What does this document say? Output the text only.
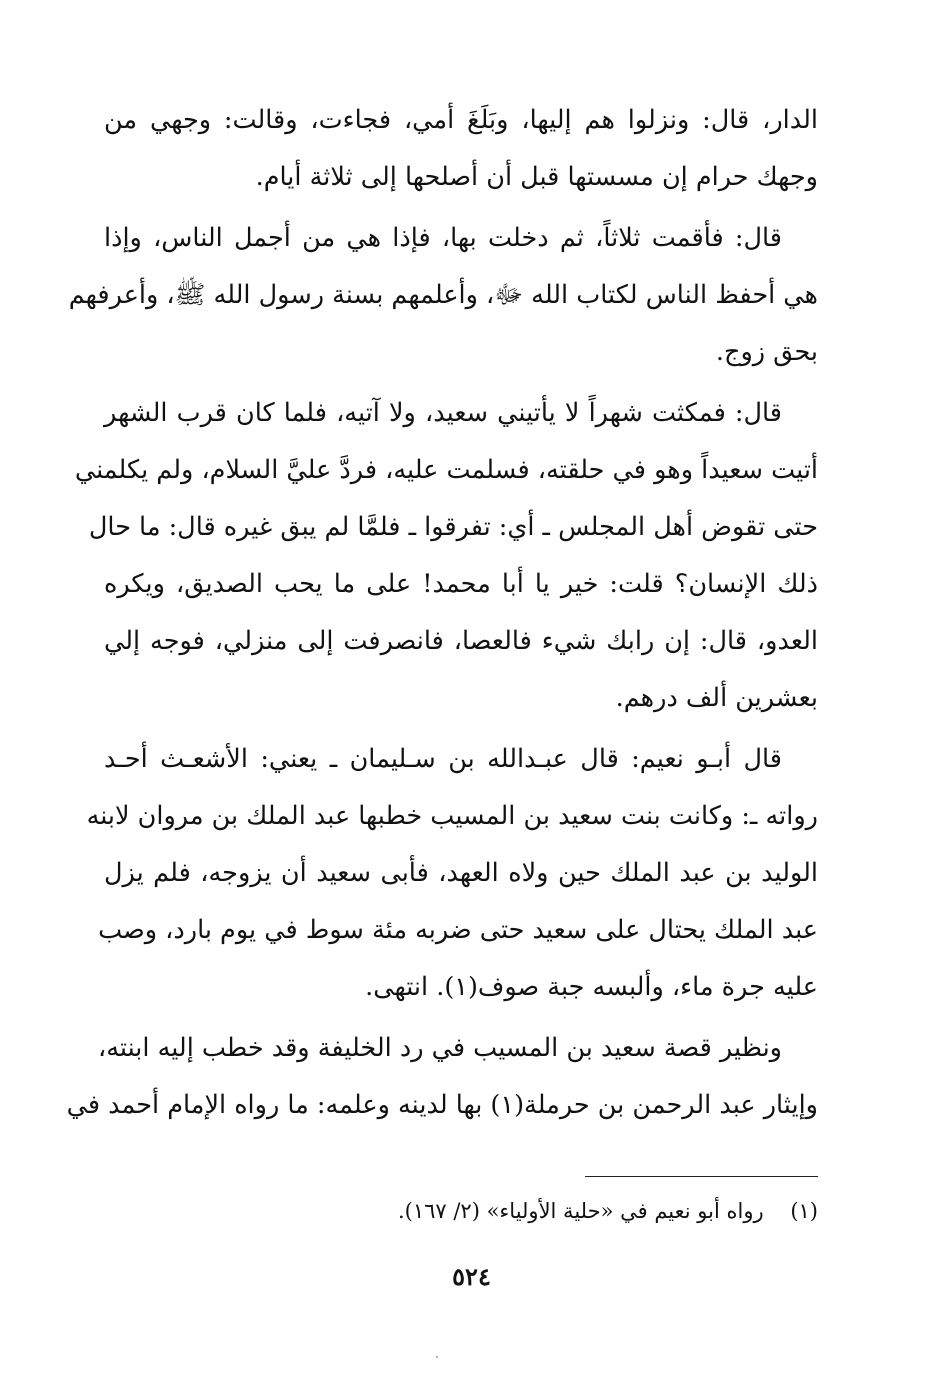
الدار، قال: ونزلوا هم إليها، وبَلَغَ أمي، فجاءت، وقالت: وجهي من
وجهك حرام إن مسستها قبل أن أصلحها إلى ثلاثة أيام.

قال: فأقمت ثلاثاً، ثم دخلت بها، فإذا هي من أجمل الناس، وإذا
هي أحفظ الناس لكتاب الله ﷻ، وأعلمهم بسنة رسول الله ﷺ، وأعرفهم
بحق زوج.

قال: فمكثت شهراً لا يأتيني سعيد، ولا آتيه، فلما كان قرب الشهر
أتيت سعيداً وهو في حلقته، فسلمت عليه، فردَّ عليَّ السلام، ولم يكلمني
حتى تقوض أهل المجلس ـ أي: تفرقوا ـ فلمَّا لم يبق غيره قال: ما حال
ذلك الإنسان؟ قلت: خير يا أبا محمد! على ما يحب الصديق، ويكره
العدو، قال: إن رابك شيء فالعصا، فانصرفت إلى منزلي، فوجه إلي
بعشرين ألف درهم.

قال أبـو نعيم: قال عبـدالله بن سـليمان ـ يعني: الأشعـث أحـد
رواته ـ: وكانت بنت سعيد بن المسيب خطبها عبد الملك بن مروان لابنه
الوليد بن عبد الملك حين ولاه العهد، فأبى سعيد أن يزوجه، فلم يزل
عبد الملك يحتال على سعيد حتى ضربه مئة سوط في يوم بارد، وصب
عليه جرة ماء، وألبسه جبة صوف(١). انتهى.

ونظير قصة سعيد بن المسيب في رد الخليفة وقد خطب إليه ابنته،
وإيثار عبد الرحمن بن حرملة(١) بها لدينه وعلمه: ما رواه الإمام أحمد في

(١) رواه أبو نعيم في «حلية الأولياء» (٢/ ١٦٧).
٥٢٤
